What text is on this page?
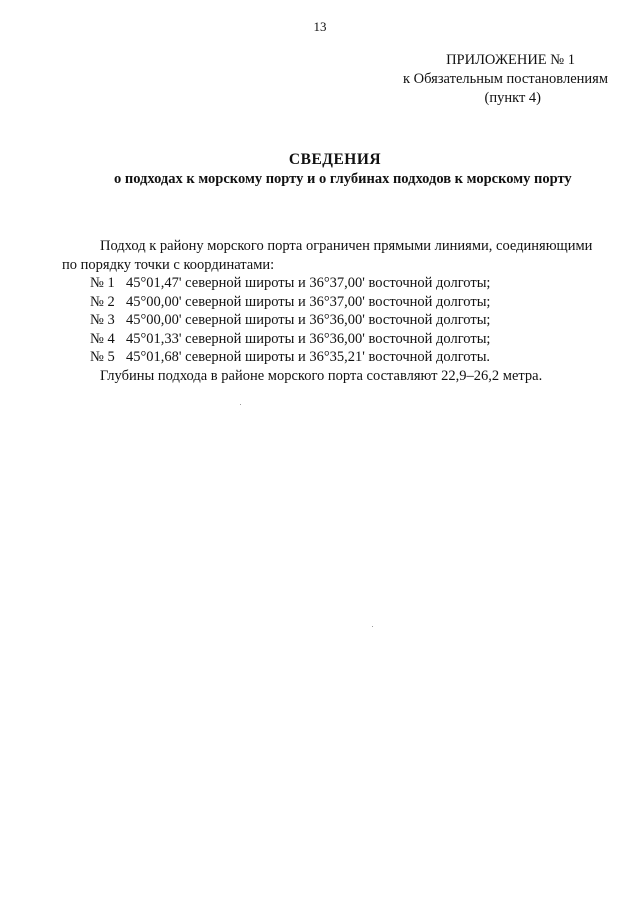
13
ПРИЛОЖЕНИЕ № 1
к Обязательным постановлениям
(пункт 4)
СВЕДЕНИЯ
о подходах к морскому порту и о глубинах подходов к морскому порту
Подход к району морского порта ограничен прямыми линиями, соединяющими
по порядку точки с координатами:
№ 1 45°01,47' северной широты и 36°37,00' восточной долготы;
№ 2 45°00,00' северной широты и 36°37,00' восточной долготы;
№ 3 45°00,00' северной широты и 36°36,00' восточной долготы;
№ 4 45°01,33' северной широты и 36°36,00' восточной долготы;
№ 5 45°01,68' северной широты и 36°35,21' восточной долготы.
Глубины подхода в районе морского порта составляют 22,9–26,2 метра.
